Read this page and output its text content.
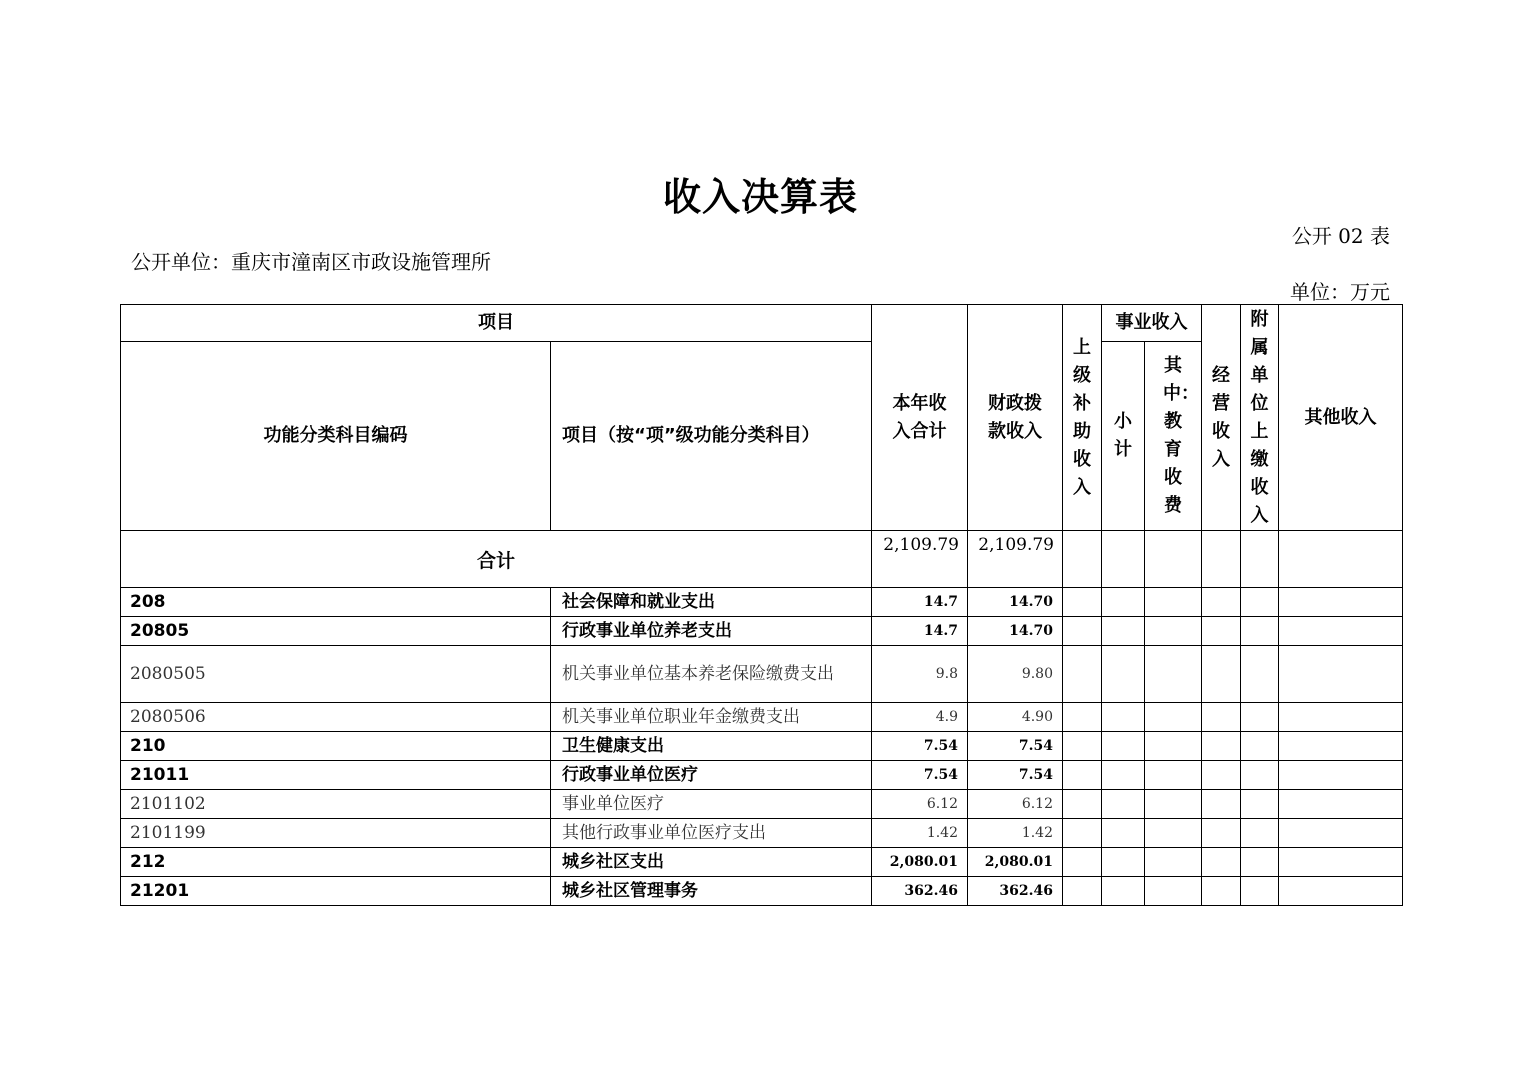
收入决算表
公开 02 表
公开单位：重庆市潼南区市政设施管理所
单位：万元
项目		本年收入合计	财政拨款收入	上级补助收入	事业收入		经营收入	附属单位上缴收入	其他收入
功能分类科目编码	项目（按“项”级功能分类科目）				小计	其中：教育收费			

合计		2,109.79	2,109.79						
208	社会保障和就业支出	14.7	14.70						
20805	行政事业单位养老支出	14.7	14.70						
2080505	机关事业单位基本养老保险缴费支出	9.8	9.80						
2080506	机关事业单位职业年金缴费支出	4.9	4.90						
210	卫生健康支出	7.54	7.54						
21011	行政事业单位医疗	7.54	7.54						
2101102	事业单位医疗	6.12	6.12						
2101199	其他行政事业单位医疗支出	1.42	1.42						
212	城乡社区支出	2,080.01	2,080.01						
21201	城乡社区管理事务	362.46	362.46						
